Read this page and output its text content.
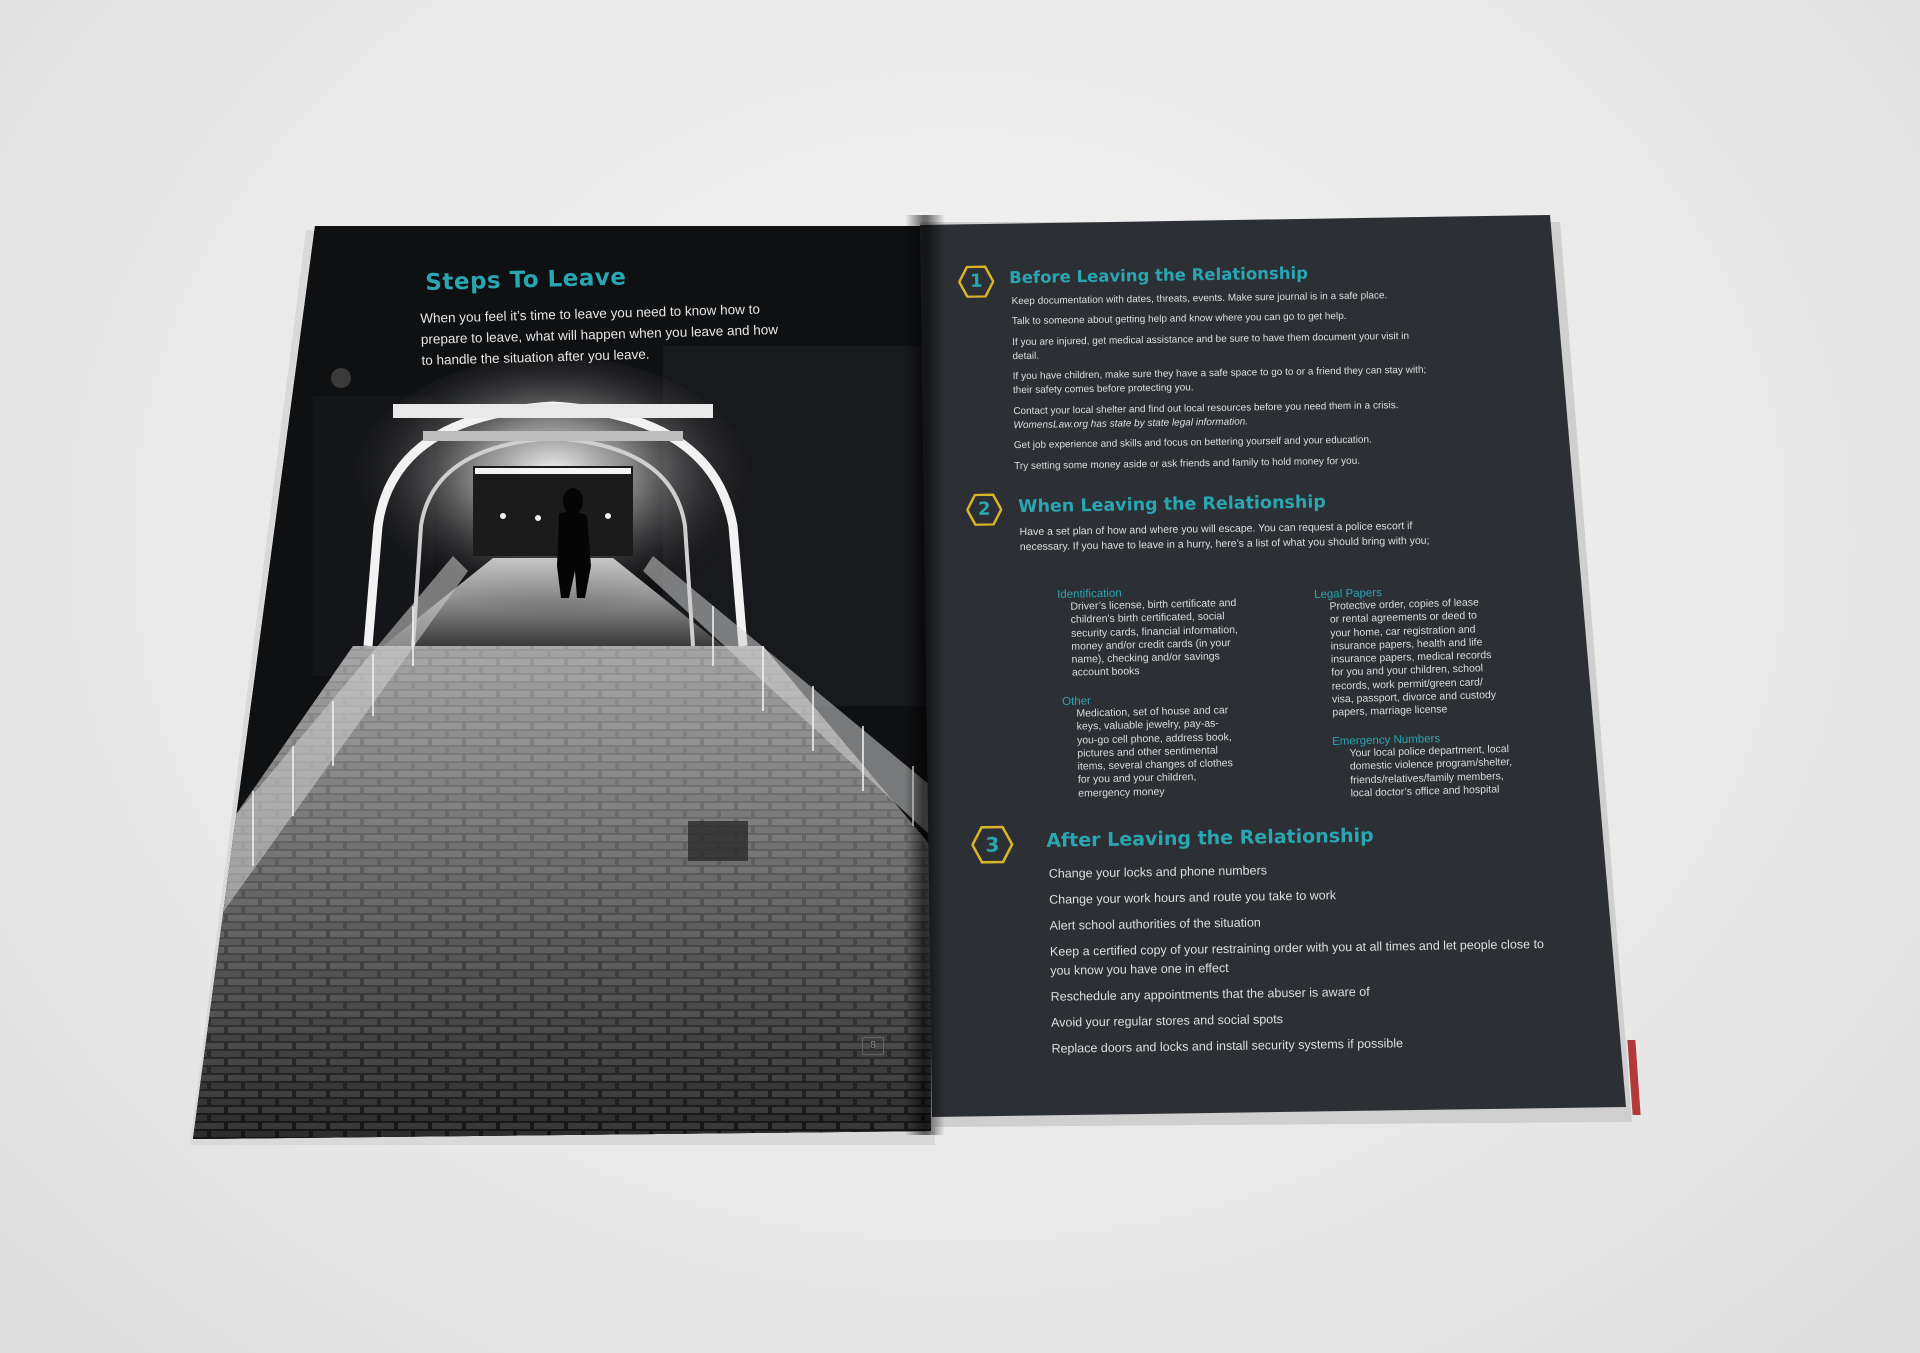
Steps To Leave
When you feel it’s time to leave you need to know how to
prepare to leave, what will happen when you leave and how
to handle the situation after you leave.
8
1	Before Leaving the Relationship

Keep documentation with dates, threats, events. Make sure journal is in a safe place.

Talk to someone about getting help and know where you can go to get help.

If you are injured, get medical assistance and be sure to have them document your visit in

detail.

If you have children, make sure they have a safe space to go to or a friend they can stay with;

their safety comes before protecting you.

Contact your local shelter and find out local resources before you need them in a crisis.

WomensLaw.org has state by state legal information.

Get job experience and skills and focus on bettering yourself and your education.

Try setting some money aside or ask friends and family to hold money for you.

2	When Leaving the Relationship

Have a set plan of how and where you will escape. You can request a police escort if

necessary. If you have to leave in a hurry, here’s a list of what you should bring with you;

Identification

Driver’s license, birth certificate and

children’s birth certificated, social

security cards, financial information,

money and/or credit cards (in your

name), checking and/or savings

account books

Other

Medication, set of house and car

keys, valuable jewelry, pay-as-

you-go cell phone, address book,

pictures and other sentimental

items, several changes of clothes

for you and your children,

emergency money

Legal Papers

Protective order, copies of lease

or rental agreements or deed to

your home, car registration and

insurance papers, health and life

insurance papers, medical records

for you and your children, school

records, work permit/green card/

visa, passport, divorce and custody

papers, marriage license

Emergency Numbers

Your local police department, local

domestic violence program/shelter,

friends/relatives/family members,

local doctor’s office and hospital

3	After Leaving the Relationship

Change your locks and phone numbers

Change your work hours and route you take to work

Alert school authorities of the situation

Keep a certified copy of your restraining order with you at all times and let people close to

you know you have one in effect

Reschedule any appointments that the abuser is aware of

Avoid your regular stores and social spots

Replace doors and locks and install security systems if possible
